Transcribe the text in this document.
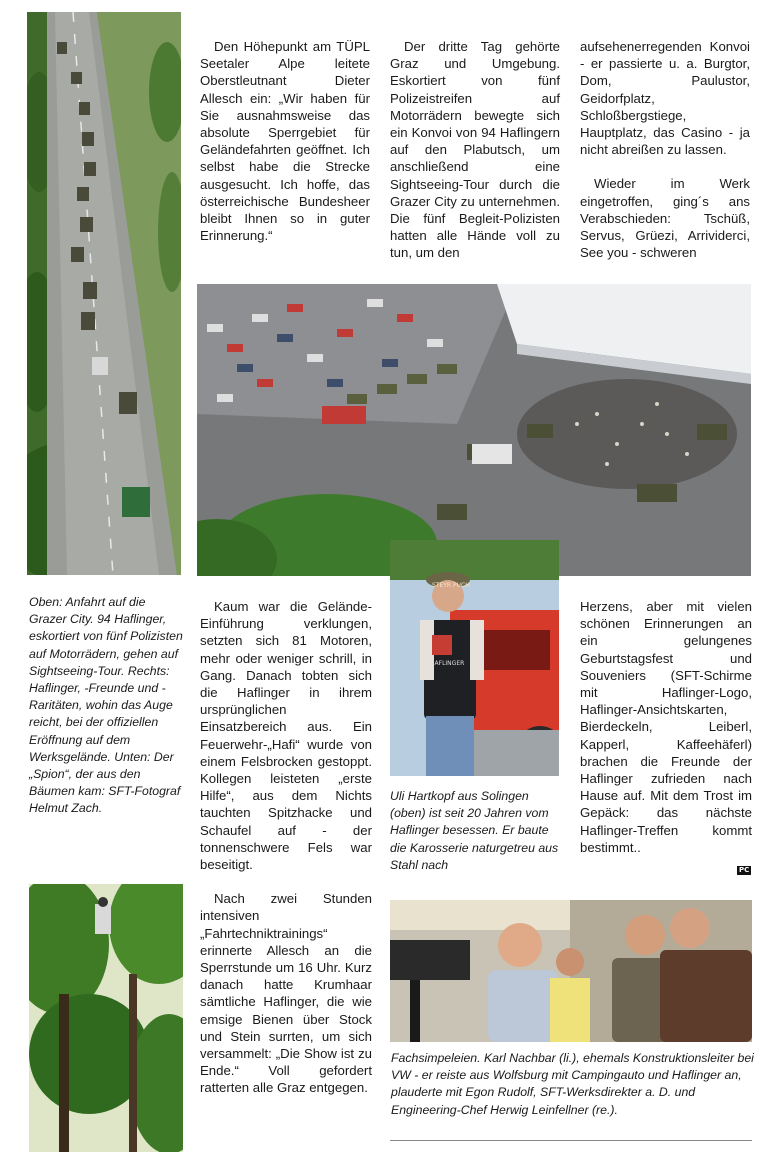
Den Höhepunkt am TÜPL Seetaler Alpe leitete Oberstleutnant Dieter Allesch ein: „Wir haben für Sie ausnahmsweise das absolute Sperrgebiet für Geländefahrten geöffnet. Ich selbst habe die Strecke ausgesucht. Ich hoffe, das österreichische Bundesheer bleibt Ihnen so in guter Erinnerung.“

Der dritte Tag gehörte Graz und Umgebung. Eskortiert von fünf Polizeistreifen auf Motorrädern bewegte sich ein Konvoi von 94 Haflingern auf den Plabutsch, um anschließend eine Sightseeing-Tour durch die Grazer City zu unternehmen. Die fünf Begleit-Polizisten hatten alle Hände voll zu tun, um den

aufsehenerregenden Konvoi - er passierte u. a. Burgtor, Dom, Paulustor, Geidorfplatz, Schloßbergstiege, Hauptplatz, das Casino - ja nicht abreißen zu lassen.

Wieder im Werk eingetroffen, ging´s ans Verabschieden: Tschüß, Servus, Grüezi, Arrividerci, See you - schweren

Oben: Anfahrt auf die Grazer City. 94 Haflinger, eskortiert von fünf Polizisten auf Motorrädern, gehen auf Sightseeing-Tour. Rechts: Haflinger, -Freunde und -Raritäten, wohin das Auge reicht, bei der offiziellen Eröffnung auf dem Werksgelände. Unten: Der „Spion“, der aus den Bäumen kam: SFT-Fotograf Helmut Zach.

Kaum war die Gelände-Einführung verklungen, setzten sich 81 Motoren, mehr oder weniger schrill, in Gang. Danach tobten sich die Haflinger in ihrem ursprünglichen Einsatzbereich aus. Ein Feuerwehr-„Hafi“ wurde von einem Felsbrocken gestoppt. Kollegen leisteten „erste Hilfe“, aus dem Nichts tauchten Spitzhacke und Schaufel auf - der tonnenschwere Fels war beseitigt.

Nach zwei Stunden intensiven „Fahrtechniktrainings“ erinnerte Allesch an die Sperrstunde um 16 Uhr. Kurz danach hatte Krumhaar sämtliche Haflinger, die wie emsige Bienen über Stock und Stein surrten, um sich versammelt: „Die Show ist zu Ende.“ Voll gefordert ratterten alle Graz entgegen.

STEYR PUCH
HAFLINGER

Uli Hartkopf aus Solingen (oben) ist seit 20 Jahren vom Haflinger besessen. Er baute die Karosserie naturgetreu aus Stahl nach

Herzens, aber mit vielen schönen Erinnerungen an ein gelungenes Geburtstagsfest und Souveniers (SFT-Schirme mit Haflinger-Logo, Haflinger-Ansichtskarten, Bierdeckeln, Leiberl, Kapperl, Kaffeehäferl) brachen die Freunde der Haflinger zufrieden nach Hause auf. Mit dem Trost im Gepäck: das nächste Haflinger-Treffen kommt bestimmt..

PC

Fachsimpeleien. Karl Nachbar (li.), ehemals Konstruktionsleiter bei VW - er reiste aus Wolfsburg mit Campingauto und Haflinger an, plauderte mit Egon Rudolf, SFT-Werksdirekter a. D. und Engineering-Chef Herwig Leinfellner (re.).
